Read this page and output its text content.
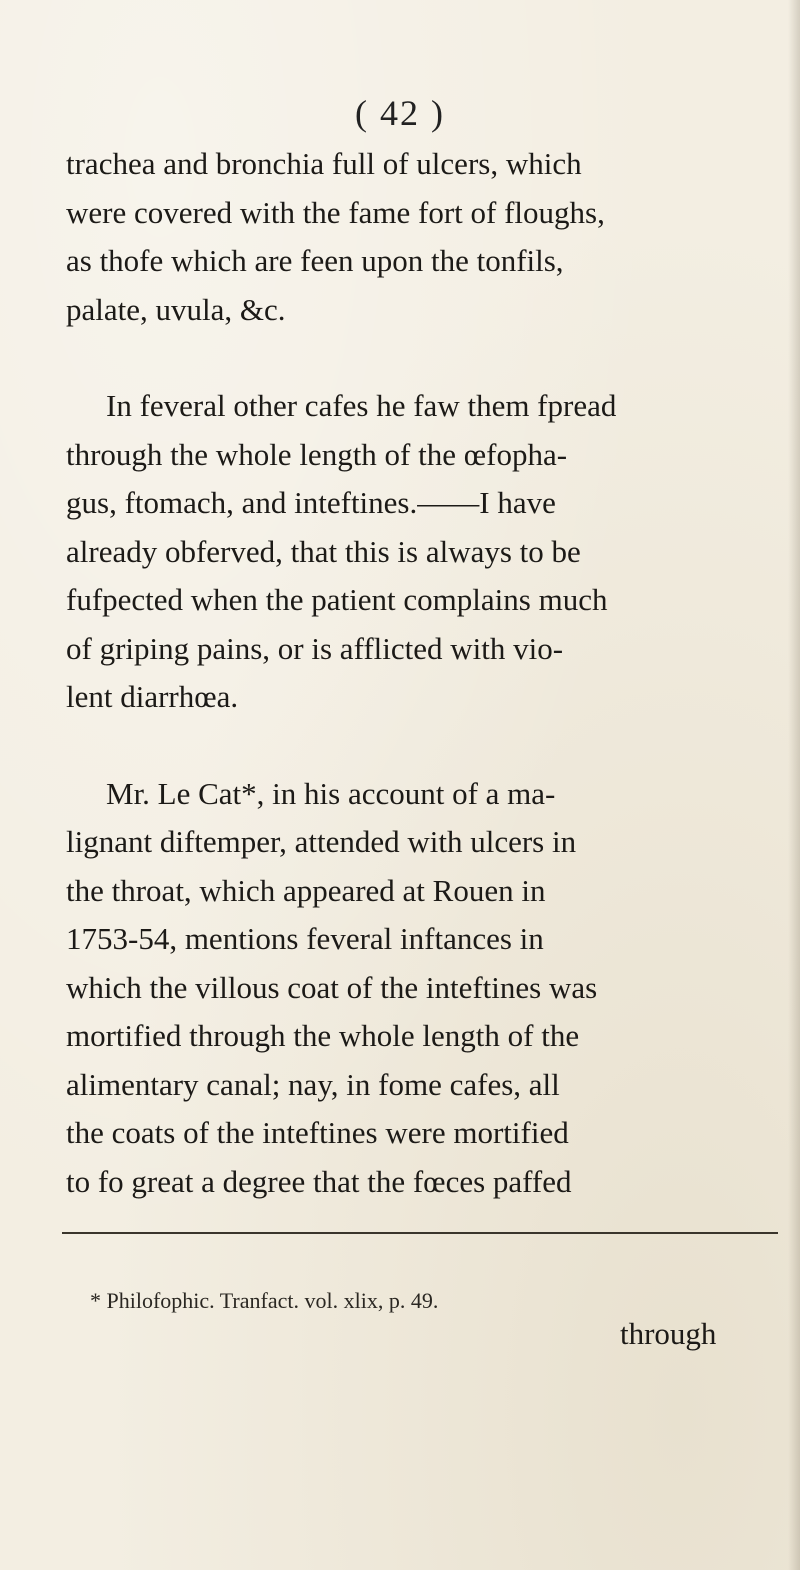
( 42 )

trachea and bronchia full of ulcers, which
were covered with the fame fort of floughs,
as thofe which are feen upon the tonfils,
palate, uvula, &c.

In feveral other cafes he faw them fpread
through the whole length of the œfopha-
gus, ftomach, and inteftines.——I have
already obferved, that this is always to be
fufpected when the patient complains much
of griping pains, or is afflicted with vio-
lent diarrhœa.

Mr. Le Cat*, in his account of a ma-
lignant diftemper, attended with ulcers in
the throat, which appeared at Rouen in
1753-54, mentions feveral inftances in
which the villous coat of the inteftines was
mortified through the whole length of the
alimentary canal; nay, in fome cafes, all
the coats of the inteftines were mortified
to fo great a degree that the fœces paffed

* Philofophic. Tranfact. vol. xlix, p. 49.
through
